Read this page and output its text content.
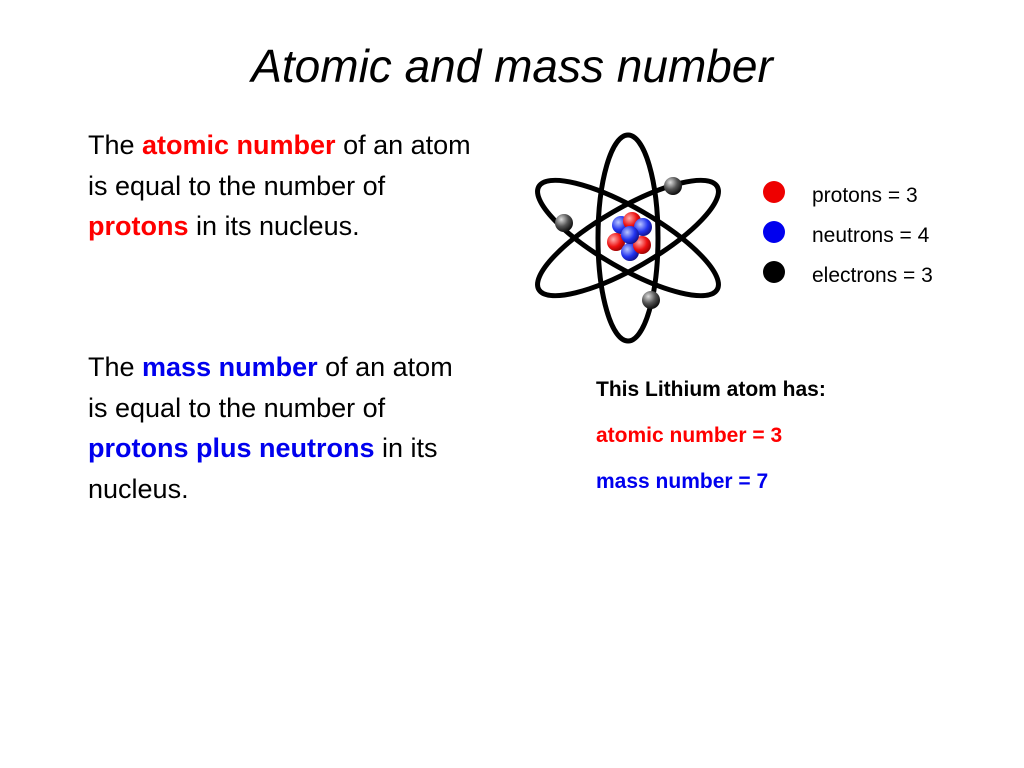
Atomic and mass number

The atomic number of an atom is equal to the number of protons in its nucleus.

The mass number of an atom is equal to the number of protons plus neutrons in its nucleus.

protons = 3
neutrons = 4
electrons = 3
This Lithium atom has:
atomic number = 3
mass number = 7
